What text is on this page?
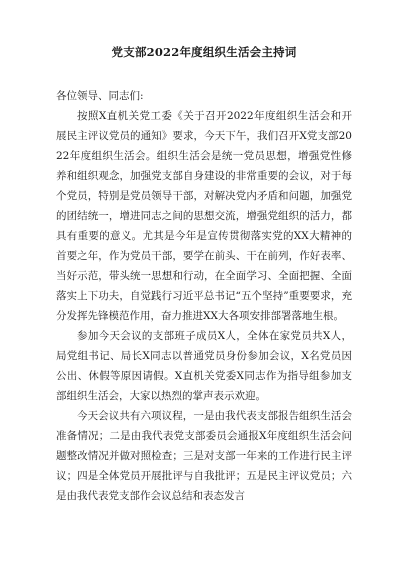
党支部2022年度组织生活会主持词

各位领导、同志们:

按照X直机关党工委《关于召开2022年度组织生活会和开展民主评议党员的通知》要求，今天下午，我们召开X党支部2022年度组织生活会。组织生活会是统一党员思想，增强党性修养和组织观念，加强党支部自身建设的非常重要的会议，对于每个党员，特别是党员领导干部，对解决党内矛盾和问题，加强党的团结统一，增进同志之间的思想交流，增强党组织的活力，都具有重要的意义。尤其是今年是宣传贯彻落实党的XX大精神的首要之年，作为党员干部，要学在前头、干在前列，作好表率、当好示范，带头统一思想和行动，在全面学习、全面把握、全面落实上下功夫，自觉践行习近平总书记“五个坚持”重要要求，充分发挥先锋模范作用，奋力推进XX大各项安排部署落地生根。

参加今天会议的支部班子成员X人，全体在家党员共X人，局党组书记、局长X同志以普通党员身份参加会议，X名党员因公出、休假等原因请假。X直机关党委X同志作为指导组参加支部组织生活会，大家以热烈的掌声表示欢迎。

今天会议共有六项议程，一是由我代表支部报告组织生活会准备情况；二是由我代表党支部委员会通报X年度组织生活会问题整改情况并做对照检查；三是对支部一年来的工作进行民主评议；四是全体党员开展批评与自我批评；五是民主评议党员；六是由我代表党支部作会议总结和表态发言
